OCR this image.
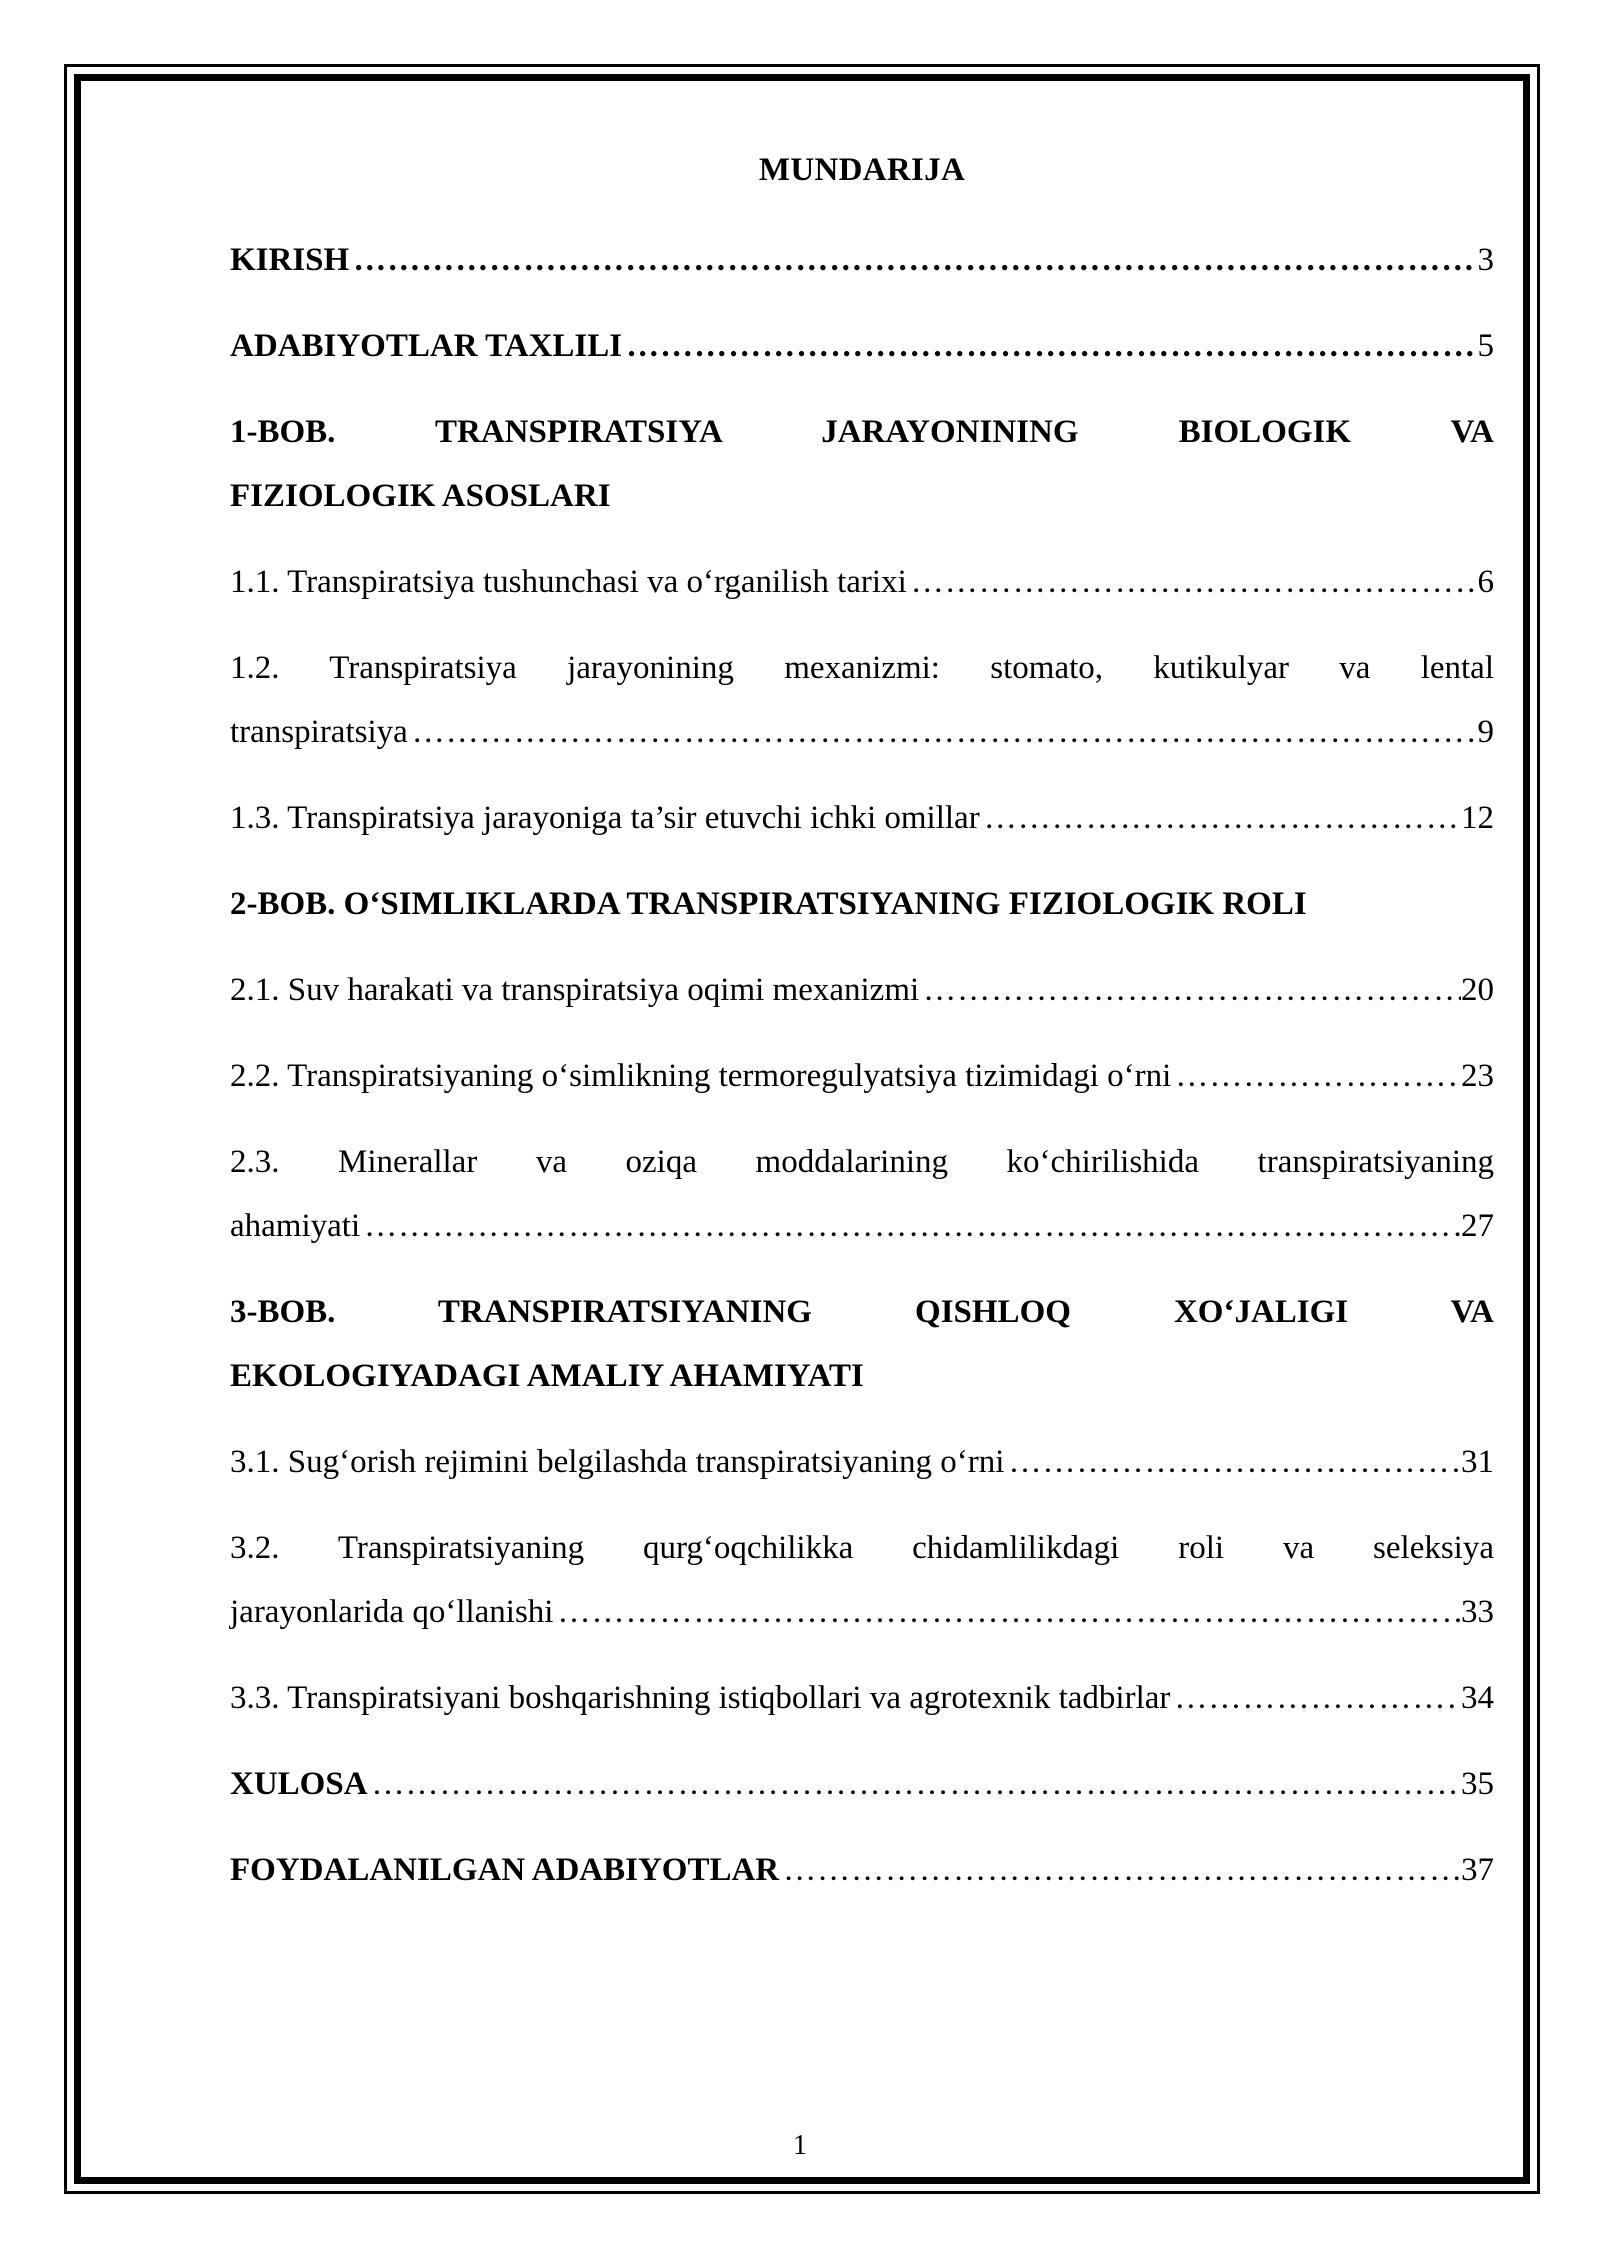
MUNDARIJA
KIRISH ………………………………………………………………………………………………………………………………	3
ADABIYOTLAR TAXLILI ………………………………………………………………………………………………………………………………	5
1-BOB. TRANSPIRATSIYA JARAYONINING BIOLOGIK VA
FIZIOLOGIK ASOSLARI
1.1. Transpiratsiya tushunchasi va o‘rganilish tarixi ………………………………………………………………………………………………………………………………	6
1.2. Transpiratsiya jarayonining mexanizmi: stomato, kutikulyar va lental
transpiratsiya ………………………………………………………………………………………………………………………………	9
1.3. Transpiratsiya jarayoniga ta’sir etuvchi ichki omillar ………………………………………………………………………………………………………………………………	12
2-BOB. O‘SIMLIKLARDA TRANSPIRATSIYANING FIZIOLOGIK ROLI
2.1. Suv harakati va transpiratsiya oqimi mexanizmi ………………………………………………………………………………………………………………………………	20
2.2. Transpiratsiyaning o‘simlikning termoregulyatsiya tizimidagi o‘rni ………………………………………………………………………………………………………………………………	23
2.3. Minerallar va oziqa moddalarining ko‘chirilishida transpiratsiyaning
ahamiyati ………………………………………………………………………………………………………………………………	27
3-BOB. TRANSPIRATSIYANING QISHLOQ XO‘JALIGI VA
EKOLOGIYADAGI AMALIY AHAMIYATI
3.1. Sug‘orish rejimini belgilashda transpiratsiyaning o‘rni ………………………………………………………………………………………………………………………………	31
3.2. Transpiratsiyaning qurg‘oqchilikka chidamlilikdagi roli va seleksiya
jarayonlarida qo‘llanishi ………………………………………………………………………………………………………………………………	33
3.3. Transpiratsiyani boshqarishning istiqbollari va agrotexnik tadbirlar ………………………………………………………………………………………………………………………………	34
XULOSA ………………………………………………………………………………………………………………………………	35
FOYDALANILGAN ADABIYOTLAR ………………………………………………………………………………………………………………………………	37
1
